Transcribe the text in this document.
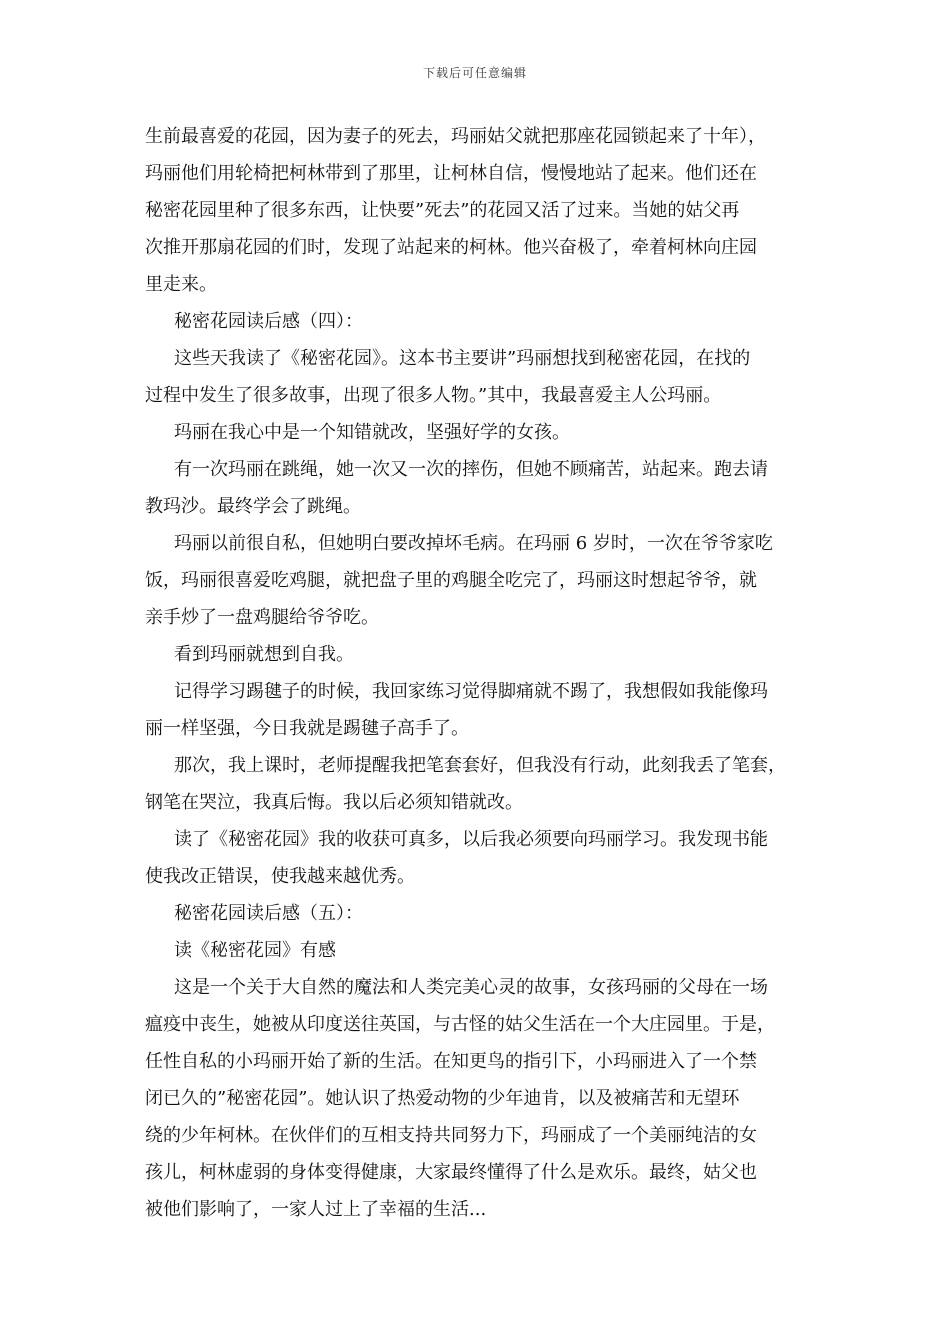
下载后可任意编辑
生前最喜爱的花园，因为妻子的死去，玛丽姑父就把那座花园锁起来了十年），
玛丽他们用轮椅把柯林带到了那里，让柯林自信，慢慢地站了起来。他们还在
秘密花园里种了很多东西，让快要”死去”的花园又活了过来。当她的姑父再
次推开那扇花园的们时，发现了站起来的柯林。他兴奋极了，牵着柯林向庄园
里走来。
秘密花园读后感（四）：
这些天我读了《秘密花园》。这本书主要讲”玛丽想找到秘密花园，在找的
过程中发生了很多故事，出现了很多人物。”其中，我最喜爱主人公玛丽。
玛丽在我心中是一个知错就改，坚强好学的女孩。
有一次玛丽在跳绳，她一次又一次的摔伤，但她不顾痛苦，站起来。跑去请
教玛沙。最终学会了跳绳。
玛丽以前很自私，但她明白要改掉坏毛病。在玛丽 6 岁时，一次在爷爷家吃
饭，玛丽很喜爱吃鸡腿，就把盘子里的鸡腿全吃完了，玛丽这时想起爷爷，就
亲手炒了一盘鸡腿给爷爷吃。
看到玛丽就想到自我。
记得学习踢毽子的时候，我回家练习觉得脚痛就不踢了，我想假如我能像玛
丽一样坚强，今日我就是踢毽子高手了。
那次，我上课时，老师提醒我把笔套套好，但我没有行动，此刻我丢了笔套，
钢笔在哭泣，我真后悔。我以后必须知错就改。
读了《秘密花园》我的收获可真多，以后我必须要向玛丽学习。我发现书能
使我改正错误，使我越来越优秀。
秘密花园读后感（五）：
读《秘密花园》有感
这是一个关于大自然的魔法和人类完美心灵的故事，女孩玛丽的父母在一场
瘟疫中丧生，她被从印度送往英国，与古怪的姑父生活在一个大庄园里。于是，
任性自私的小玛丽开始了新的生活。在知更鸟的指引下，小玛丽进入了一个禁
闭已久的”秘密花园”。她认识了热爱动物的少年迪肯，以及被痛苦和无望环
绕的少年柯林。在伙伴们的互相支持共同努力下，玛丽成了一个美丽纯洁的女
孩儿，柯林虚弱的身体变得健康，大家最终懂得了什么是欢乐。最终，姑父也
被他们影响了，一家人过上了幸福的生活...
